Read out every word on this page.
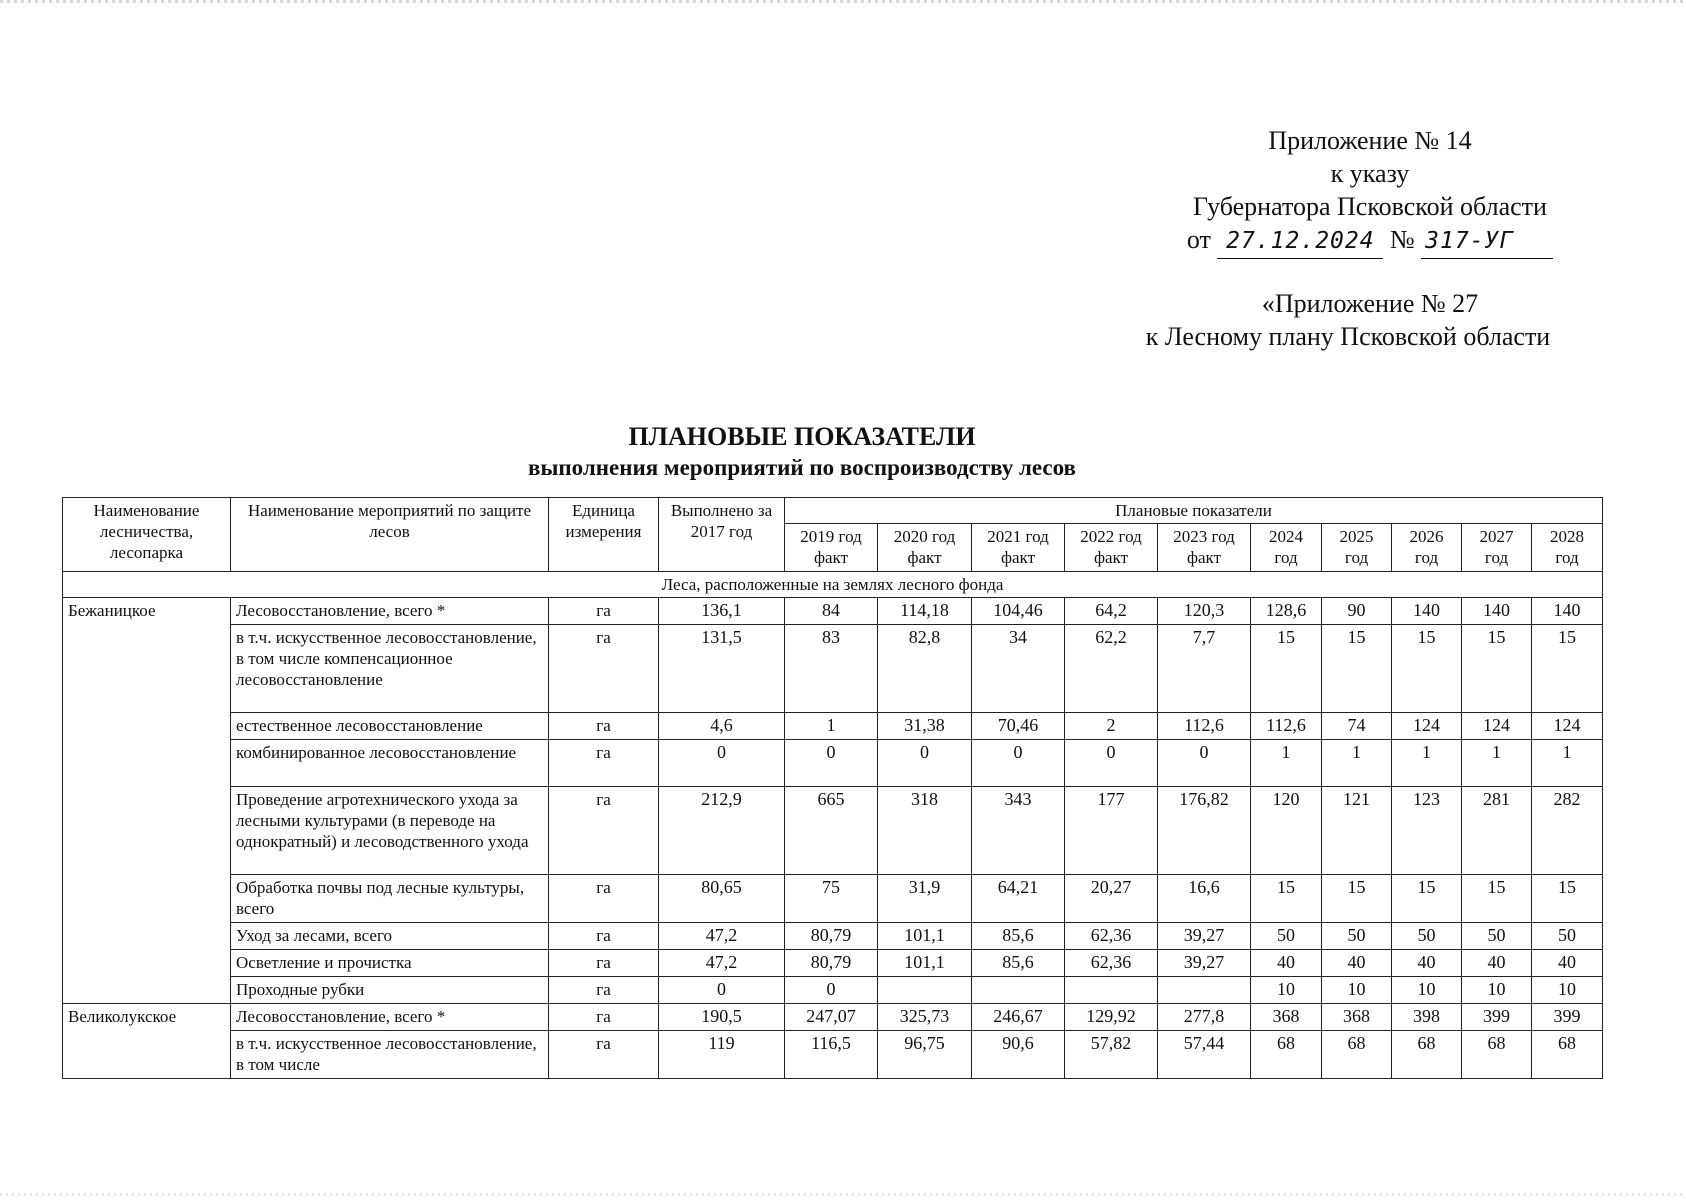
Приложение № 14
к указу
Губернатора Псковской области
от 27.12.2024 № 317-УГ
«Приложение № 27
к Лесному плану Псковской области
ПЛАНОВЫЕ ПОКАЗАТЕЛИ
выполнения мероприятий по воспроизводству лесов
Наименование лесничества, лесопарка	Наименование мероприятий по защите лесов	Единица измерения	Выполнено за 2017 год	Плановые показатели									
				2019 год факт	2020 год факт	2021 год факт	2022 год факт	2023 год факт	2024 год	2025 год	2026 год	2027 год	2028 год
Леса, расположенные на землях лесного фонда													
Бежаницкое	Лесовосстановление, всего *	га	136,1	84	114,18	104,46	64,2	120,3	128,6	90	140	140	140
	в т.ч. искусственное лесовосстановление, в том числе компенсационное лесовосстановление	га	131,5	83	82,8	34	62,2	7,7	15	15	15	15	15
	естественное лесовосстановление	га	4,6	1	31,38	70,46	2	112,6	112,6	74	124	124	124
	комбинированное лесовосстановление	га	0	0	0	0	0	0	1	1	1	1	1
	Проведение агротехнического ухода за лесными культурами (в переводе на однократный) и лесоводственного ухода	га	212,9	665	318	343	177	176,82	120	121	123	281	282
	Обработка почвы под лесные культуры, всего	га	80,65	75	31,9	64,21	20,27	16,6	15	15	15	15	15
	Уход за лесами, всего	га	47,2	80,79	101,1	85,6	62,36	39,27	50	50	50	50	50
	Осветление и прочистка	га	47,2	80,79	101,1	85,6	62,36	39,27	40	40	40	40	40
	Проходные рубки	га	0	0					10	10	10	10	10
Великолукское	Лесовосстановление, всего *	га	190,5	247,07	325,73	246,67	129,92	277,8	368	368	398	399	399
	в т.ч. искусственное лесовосстановление, в том числе	га	119	116,5	96,75	90,6	57,82	57,44	68	68	68	68	68
